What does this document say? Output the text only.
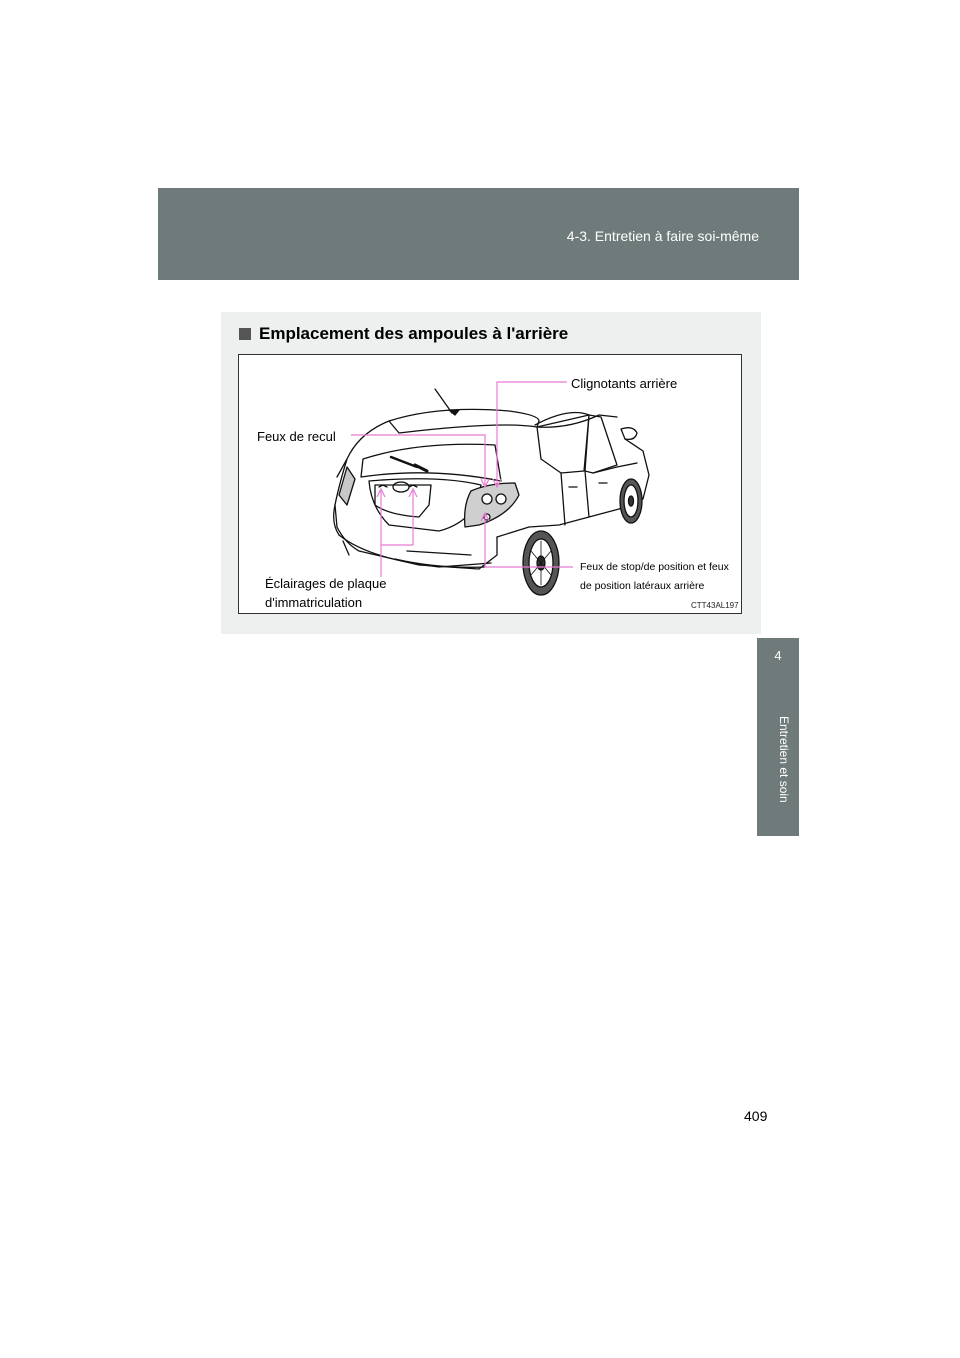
4-3. Entretien à faire soi-même
4
Entretien et soin
Emplacement des ampoules à l'arrière
Clignotants arrière
Feux de recul
Feux de stop/de position et feux
de position latéraux arrière
Éclairages de plaque
d'immatriculation	CTT43AL197
409
